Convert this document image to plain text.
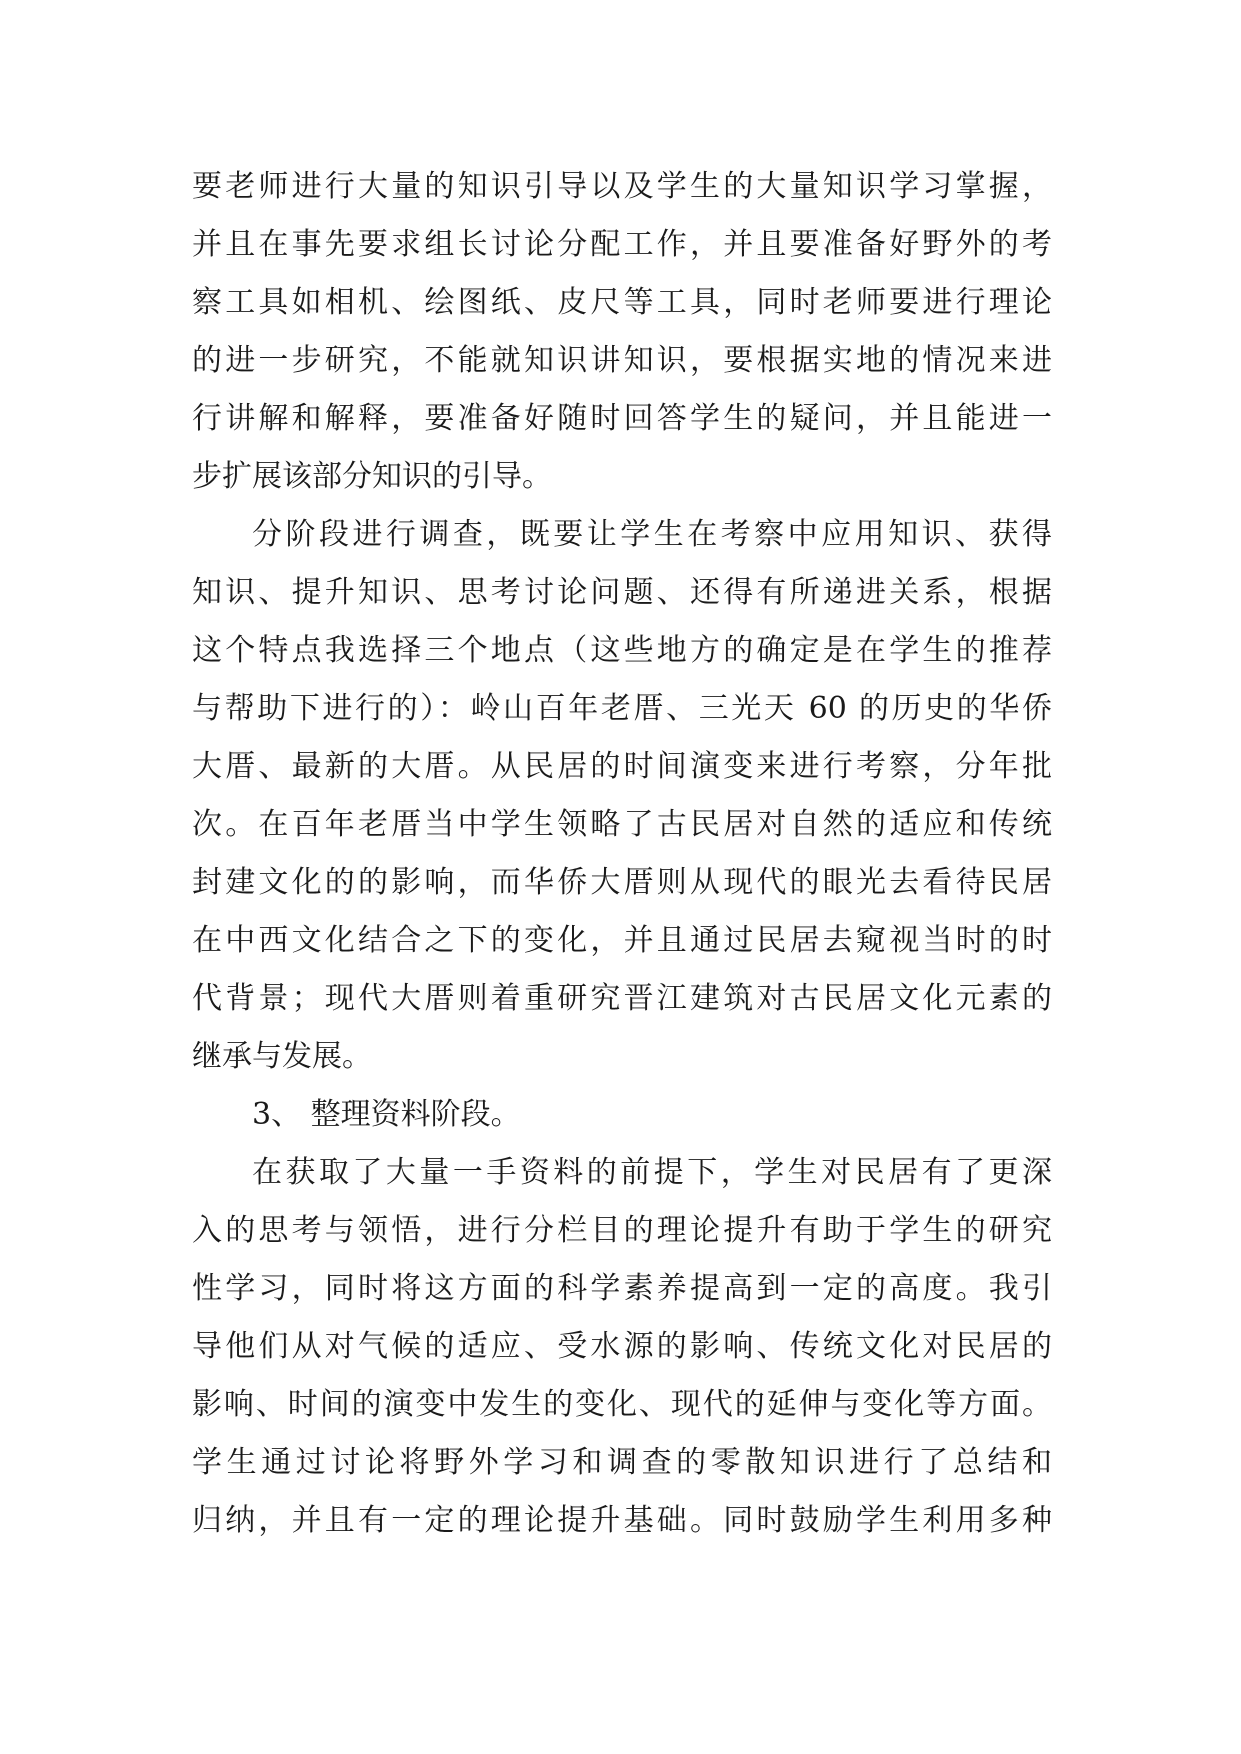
要老师进行大量的知识引导以及学生的大量知识学习掌握，
并且在事先要求组长讨论分配工作，并且要准备好野外的考
察工具如相机、绘图纸、皮尺等工具，同时老师要进行理论
的进一步研究，不能就知识讲知识，要根据实地的情况来进
行讲解和解释，要准备好随时回答学生的疑问，并且能进一
步扩展该部分知识的引导。
分阶段进行调查，既要让学生在考察中应用知识、获得
知识、提升知识、思考讨论问题、还得有所递进关系，根据
这个特点我选择三个地点（这些地方的确定是在学生的推荐
与帮助下进行的）：岭山百年老厝、三光天 60 的历史的华侨
大厝、最新的大厝。从民居的时间演变来进行考察，分年批
次。在百年老厝当中学生领略了古民居对自然的适应和传统
封建文化的的影响，而华侨大厝则从现代的眼光去看待民居
在中西文化结合之下的变化，并且通过民居去窥视当时的时
代背景；现代大厝则着重研究晋江建筑对古民居文化元素的
继承与发展。
3、 整理资料阶段。
在获取了大量一手资料的前提下，学生对民居有了更深
入的思考与领悟，进行分栏目的理论提升有助于学生的研究
性学习，同时将这方面的科学素养提高到一定的高度。我引
导他们从对气候的适应、受水源的影响、传统文化对民居的
影响、时间的演变中发生的变化、现代的延伸与变化等方面。
学生通过讨论将野外学习和调查的零散知识进行了总结和
归纳，并且有一定的理论提升基础。同时鼓励学生利用多种
